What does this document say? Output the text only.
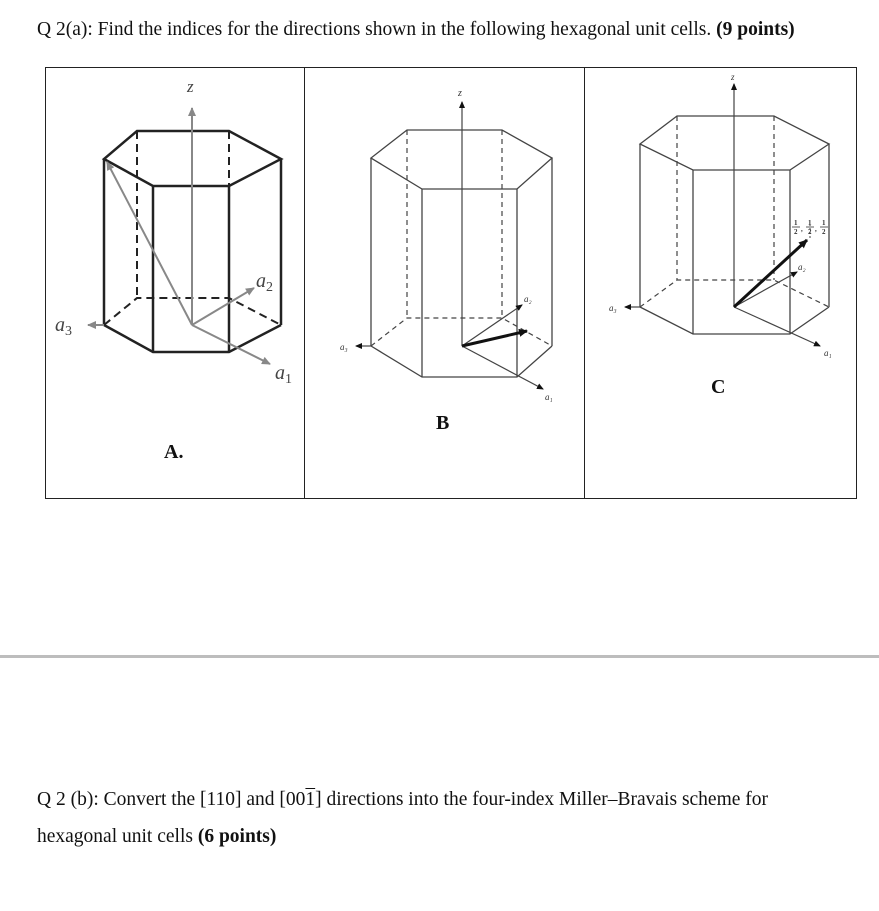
Q 2(a): Find the indices for the directions shown in the following hexagonal unit cells. (9 points)
z
$a_1$
$a_2$
$a_3$
z
a₁
a₂
a₃
z
a₁
a₂
a₃
1
2 ,
1
2 ,
1
2
A.
B
C
Q 2 (b): Convert the [110] and [001] directions into the four-index Miller–Bravais scheme for
hexagonal unit cells (6 points)
